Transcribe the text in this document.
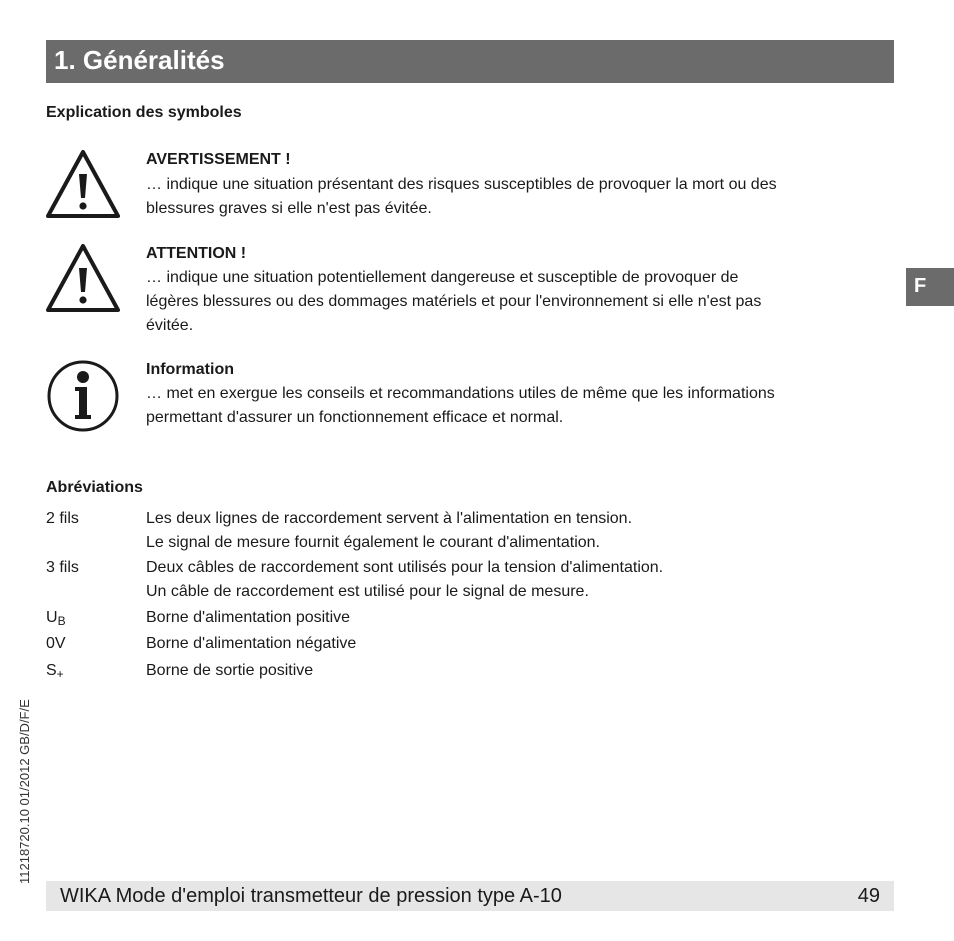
1. Généralités
Explication des symboles
AVERTISSEMENT !
… indique une situation présentant des risques susceptibles de provoquer la mort ou des
blessures graves si elle n'est pas évitée.
ATTENTION !
… indique une situation potentiellement dangereuse et susceptible de provoquer de
légères blessures ou des dommages matériels et pour l'environnement si elle n'est pas
évitée.
Information
… met en exergue les conseils et recommandations utiles de même que les informations
permettant d'assurer un fonctionnement efficace et normal.
Abréviations
2 fils	Les deux lignes de raccordement servent à l'alimentation en tension.
Le signal de mesure fournit également le courant d'alimentation.
3 fils	Deux câbles de raccordement sont utilisés pour la tension d'alimentation.
Un câble de raccordement est utilisé pour le signal de mesure.
$U_B$	Borne d'alimentation positive
0V	Borne d'alimentation négative
$S_+$	Borne de sortie positive
F
11218720.10 01/2012 GB/D/F/E
WIKA Mode d'emploi transmetteur de pression type A-10	49
